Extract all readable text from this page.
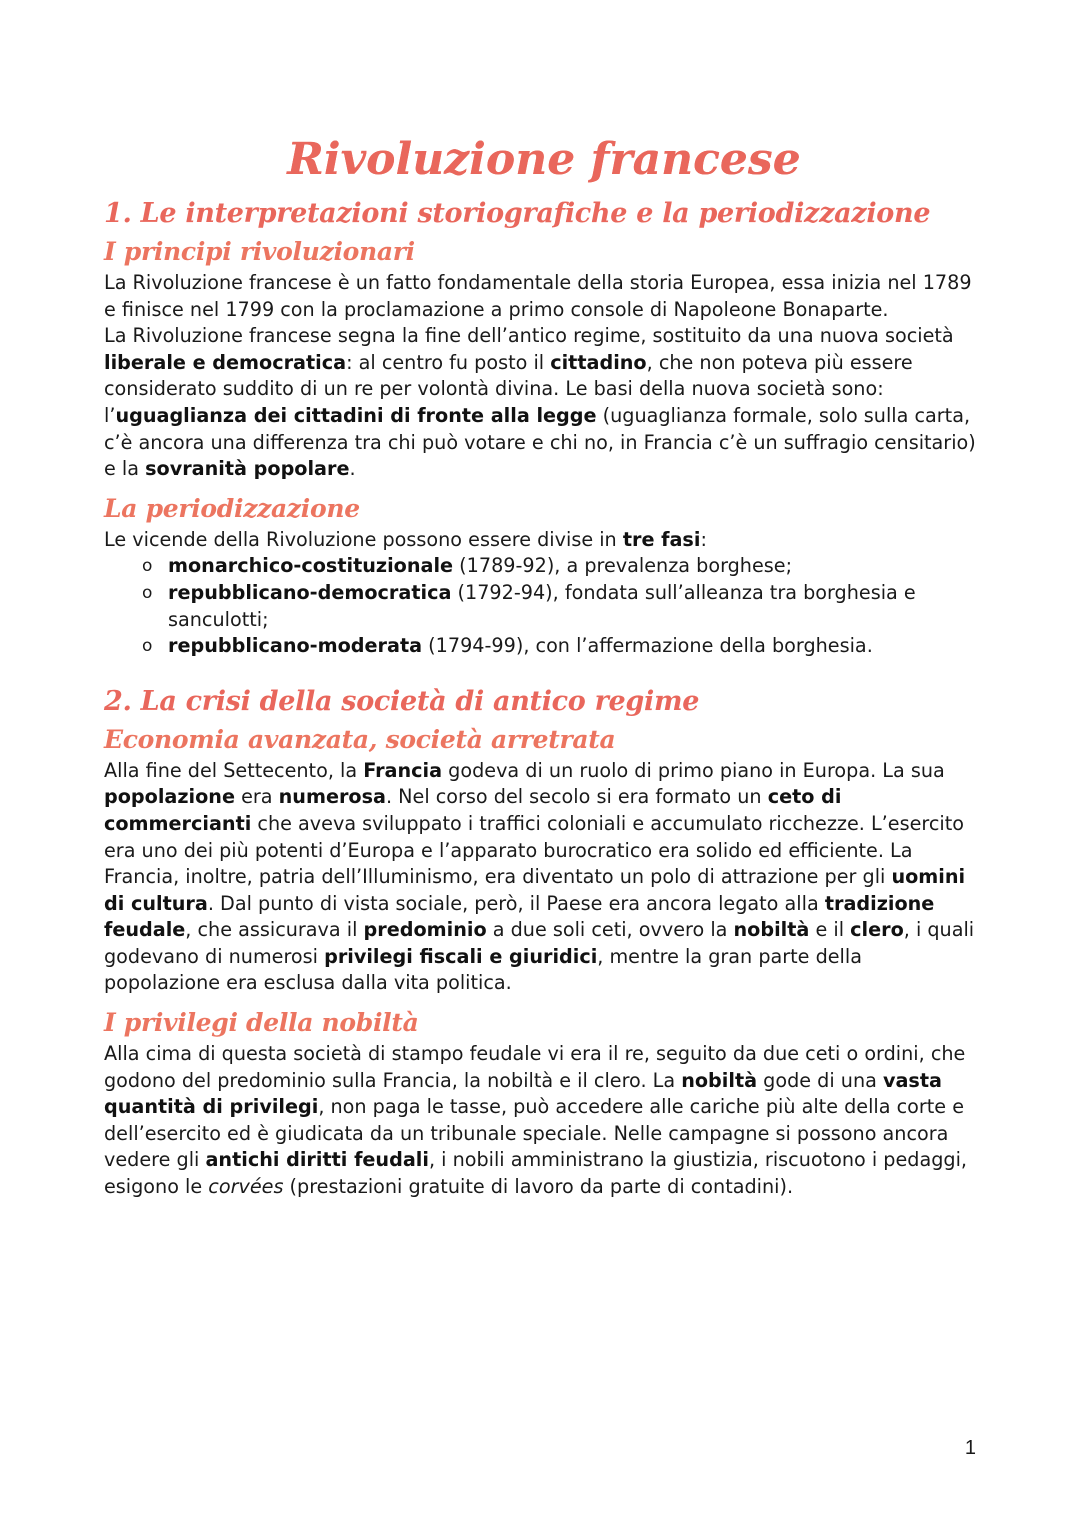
Rivoluzione francese
1. Le interpretazioni storiografiche e la periodizzazione
I principi rivoluzionari

La Rivoluzione francese è un fatto fondamentale della storia Europea, essa inizia nel 1789 e finisce nel 1799 con la proclamazione a primo console di Napoleone Bonaparte.

La Rivoluzione francese segna la fine dell’antico regime, sostituito da una nuova società liberale e democratica: al centro fu posto il cittadino, che non poteva più essere considerato suddito di un re per volontà divina. Le basi della nuova società sono: l’uguaglianza dei cittadini di fronte alla legge (uguaglianza formale, solo sulla carta, c’è ancora una differenza tra chi può votare e chi no, in Francia c’è un suffragio censitario) e la sovranità popolare.

La periodizzazione

Le vicende della Rivoluzione possono essere divise in tre fasi:

o monarchico-costituzionale (1789-92), a prevalenza borghese;
o repubblicano-democratica (1792-94), fondata sull’alleanza tra borghesia e sanculotti;
o repubblicano-moderata (1794-99), con l’affermazione della borghesia.
2. La crisi della società di antico regime
Economia avanzata, società arretrata

Alla fine del Settecento, la Francia godeva di un ruolo di primo piano in Europa. La sua popolazione era numerosa. Nel corso del secolo si era formato un ceto di commercianti che aveva sviluppato i traffici coloniali e accumulato ricchezze. L’esercito era uno dei più potenti d’Europa e l’apparato burocratico era solido ed efficiente. La Francia, inoltre, patria dell’Illuminismo, era diventato un polo di attrazione per gli uomini di cultura. Dal punto di vista sociale, però, il Paese era ancora legato alla tradizione feudale, che assicurava il predominio a due soli ceti, ovvero la nobiltà e il clero, i quali godevano di numerosi privilegi fiscali e giuridici, mentre la gran parte della popolazione era esclusa dalla vita politica.

I privilegi della nobiltà

Alla cima di questa società di stampo feudale vi era il re, seguito da due ceti o ordini, che godono del predominio sulla Francia, la nobiltà e il clero. La nobiltà gode di una vasta quantità di privilegi, non paga le tasse, può accedere alle cariche più alte della corte e dell’esercito ed è giudicata da un tribunale speciale. Nelle campagne si possono ancora vedere gli antichi diritti feudali, i nobili amministrano la giustizia, riscuotono i pedaggi, esigono le corvées (prestazioni gratuite di lavoro da parte di contadini).

1
